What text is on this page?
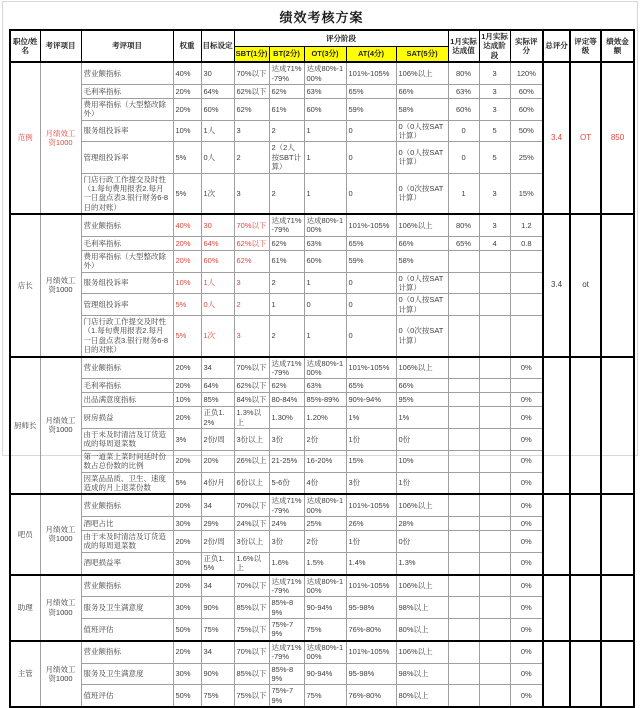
绩效考核方案
职位/姓名	考评项目	考评项目	权重	目标设定	评分阶段					1月实际达成值	1月实际达成阶段	实际评分	总评分	评定等级	绩效金额
					SBT(1分)	BT(2分)	OT(3分)	AT(4分)	SAT(5分)						
范例	月绩效工资1000	营业额指标	40%	30	70%以下	达成71%-79%	达成80%-100%	101%-105%	106%以上	80%	3	120%	3.4	OT	850
		毛利率指标	20%	64%	62%以下	62%	63%	65%	66%	63%	3	60%			
		费用率指标（大型整改除外）	20%	60%	62%	61%	60%	59%	58%	60%	3	60%			
		服务组投诉率	10%	1人	3	2	1	0	0（0人按SAT计算）	0	5	50%			
		管理组投诉率	5%	0人	2	2（2人按SBT计算）	1	0	0（0人按SAT计算）	0	5	25%			
		门店行政工作提交及时性（1.每旬费用报表2.每月一日盘点表3.银行财务6-8日的对账）	5%	1次	3	2	1	0	0（0次按SAT计算）	1	3	15%			
店长	月绩效工资1000	营业额指标	40%	30	70%以下	达成71%-79%	达成80%-100%	101%-105%	106%以上	80%	3	1.2	3.4	ot	
		毛利率指标	20%	64%	62%以下	62%	63%	65%	66%	65%	4	0.8			
		费用率指标（大型整改除外）	20%	60%	62%	61%	60%	59%	58%						
		服务组投诉率	10%	1人	3	2	1	0	0（0人按SAT计算）						
		管理组投诉率	5%	0人	2	1	0	0	0（0人按SAT计算）						
		门店行政工作提交及时性（1.每旬费用报表2.每月一日盘点表3.银行财务6-8日的对账）	5%	1次	3	2	1	0	0（0次按SAT计算）						
厨师长	月绩效工资1000	营业额指标	20%	34	70%以下	达成71%-79%	达成80%-100%	101%-105%	106%以上			0%			
		毛利率指标	20%	64%	62%以下	62%	63%	65%	66%						
		出品满意度指标	10%	85%	84%以下	80-84%	85%-89%	90%-94%	95%			0%			
		厨房损益	20%	正负1.2%	1.3%以上	1.30%	1.20%	1%	1%			0%			
		由于未及时清洁及订货造成的每周退菜数	3%	2份/周	3份以上	3份	2份	1份	0份			0%			
		第一道菜上菜时间延时份数占总份数的比例	20%	20%	26%以上	21-25%	16-20%	15%	10%			0%			
		因菜品品质、卫生、速度造成的月上退菜份数	5%	4份/月	6份以上	5-6份	4份	3份	1份			0%			
吧员	月绩效工资1000	营业额指标	20%	34	70%以下	达成71%-79%	达成80%-100%	101%-105%	106%以上			0%			
		酒吧占比	30%	29%	24%以下	24%	25%	26%	28%			0%			
		由于未及时清洁及订货造成的每周退菜数	20%	2份/周	3份以上	3份	2份	1份	0份			0%			
		酒吧损益率	30%	正负1.5%	1.6%以上	1.6%	1.5%	1.4%	1.3%			0%			
助理	月绩效工资1000	营业额指标	20%	34	70%以下	达成71%-79%	达成80%-100%	101%-105%	106%以上			0%			
		服务及卫生满意度	30%	90%	85%以下	85%-89%	90-94%	95-98%	98%以上			0%			
		值班评估	50%	75%	75%以下	75%-79%	75%	76%-80%	80%以上			0%			
主管	月绩效工资1000	营业额指标	20%	34	70%以下	达成71%-79%	达成80%-100%	101%-105%	106%以上			0%			
		服务及卫生满意度	30%	90%	85%以下	85%-89%	90-94%	95-98%	98%以上			0%			
		值班评估	50%	75%	75%以下	75%-79%	75%	76%-80%	80%以上			0%			
